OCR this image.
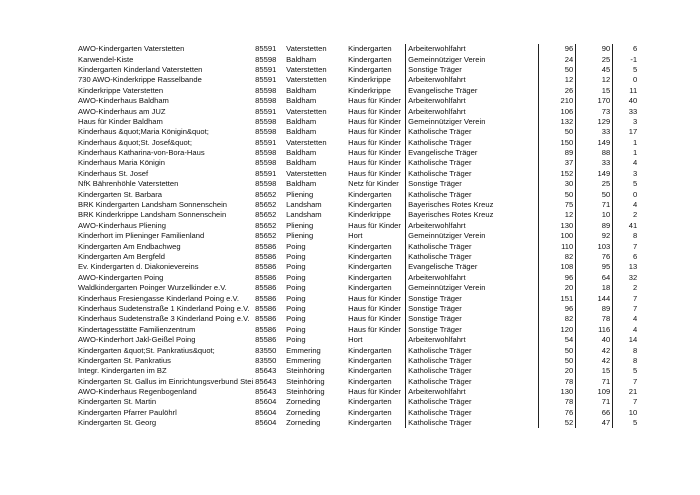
AWO-Kindergarten Vaterstetten	85591	Vaterstetten	Kindergarten	Arbeiterwohlfahrt	96	90	6
Karwendel-Kiste	85598	Baldham	Kindergarten	Gemeinnütziger Verein	24	25	-1
Kindergarten Kinderland Vaterstetten	85591	Vaterstetten	Kindergarten	Sonstige Träger	50	45	5
730 AWO-Kinderkrippe Rasselbande	85591	Vaterstetten	Kinderkrippe	Arbeiterwohlfahrt	12	12	0
Kinderkrippe Vaterstetten	85598	Baldham	Kinderkrippe	Evangelische Träger	26	15	11
AWO-Kinderhaus Baldham	85598	Baldham	Haus für Kinder	Arbeiterwohlfahrt	210	170	40
AWO-Kinderhaus am JUZ	85591	Vaterstetten	Haus für Kinder	Arbeiterwohlfahrt	106	73	33
Haus für Kinder Baldham	85598	Baldham	Haus für Kinder	Gemeinnütziger Verein	132	129	3
Kinderhaus &quot;Maria Königin&quot;	85598	Baldham	Haus für Kinder	Katholische Träger	50	33	17
Kinderhaus &quot;St. Josef&quot;	85591	Vaterstetten	Haus für Kinder	Katholische Träger	150	149	1
Kinderhaus Katharina-von-Bora-Haus	85598	Baldham	Haus für Kinder	Evangelische Träger	89	88	1
Kinderhaus Maria Königin	85598	Baldham	Haus für Kinder	Katholische Träger	37	33	4
Kinderhaus St. Josef	85591	Vaterstetten	Haus für Kinder	Katholische Träger	152	149	3
NfK Bährenhöhle Vaterstetten	85598	Baldham	Netz für Kinder	Sonstige Träger	30	25	5
Kindergarten St. Barbara	85652	Pliening	Kindergarten	Katholische Träger	50	50	0
BRK Kindergarten Landsham Sonnenschein	85652	Landsham	Kindergarten	Bayerisches Rotes Kreuz	75	71	4
BRK Kinderkrippe Landsham Sonnenschein	85652	Landsham	Kinderkrippe	Bayerisches Rotes Kreuz	12	10	2
AWO-Kinderhaus Pliening	85652	Pliening	Haus für Kinder	Arbeiterwohlfahrt	130	89	41
Kinderhort im Plieninger Familienland	85652	Pliening	Hort	Gemeinnütziger Verein	100	92	8
Kindergarten Am Endbachweg	85586	Poing	Kindergarten	Katholische Träger	110	103	7
Kindergarten Am Bergfeld	85586	Poing	Kindergarten	Katholische Träger	82	76	6
Ev. Kindergarten d. Diakonievereins	85586	Poing	Kindergarten	Evangelische Träger	108	95	13
AWO-Kindergarten Poing	85586	Poing	Kindergarten	Arbeiterwohlfahrt	96	64	32
Waldkindergarten Poinger Wurzelkinder e.V.	85586	Poing	Kindergarten	Gemeinnütziger Verein	20	18	2
Kinderhaus Fresiengasse Kinderland Poing e.V.	85586	Poing	Haus für Kinder	Sonstige Träger	151	144	7
Kinderhaus Sudetenstraße 1 Kinderland Poing e.V.	85586	Poing	Haus für Kinder	Sonstige Träger	96	89	7
Kinderhaus Sudetenstraße 3 Kinderland Poing e.V.	85586	Poing	Haus für Kinder	Sonstige Träger	82	78	4
Kindertagesstätte Familienzentrum	85586	Poing	Haus für Kinder	Sonstige Träger	120	116	4
AWO-Kinderhort Jakl-Geißel Poing	85586	Poing	Hort	Arbeiterwohlfahrt	54	40	14
Kindergarten &quot;St. Pankratius&quot;	83550	Emmering	Kindergarten	Katholische Träger	50	42	8
Kindergarten St. Pankratius	83550	Emmering	Kindergarten	Katholische Träger	50	42	8
Integr. Kindergarten im BZ	85643	Steinhöring	Kindergarten	Katholische Träger	20	15	5
Kindergarten St. Gallus im Einrichtungsverbund Stei	85643	Steinhöring	Kindergarten	Katholische Träger	78	71	7
AWO-Kinderhaus Regenbogenland	85643	Steinhöring	Haus für Kinder	Arbeiterwohlfahrt	130	109	21
Kindergarten St. Martin	85604	Zorneding	Kindergarten	Katholische Träger	78	71	7
Kindergarten Pfarrer Paulöhrl	85604	Zorneding	Kindergarten	Katholische Träger	76	66	10
Kindergarten St. Georg	85604	Zorneding	Kindergarten	Katholische Träger	52	47	5
